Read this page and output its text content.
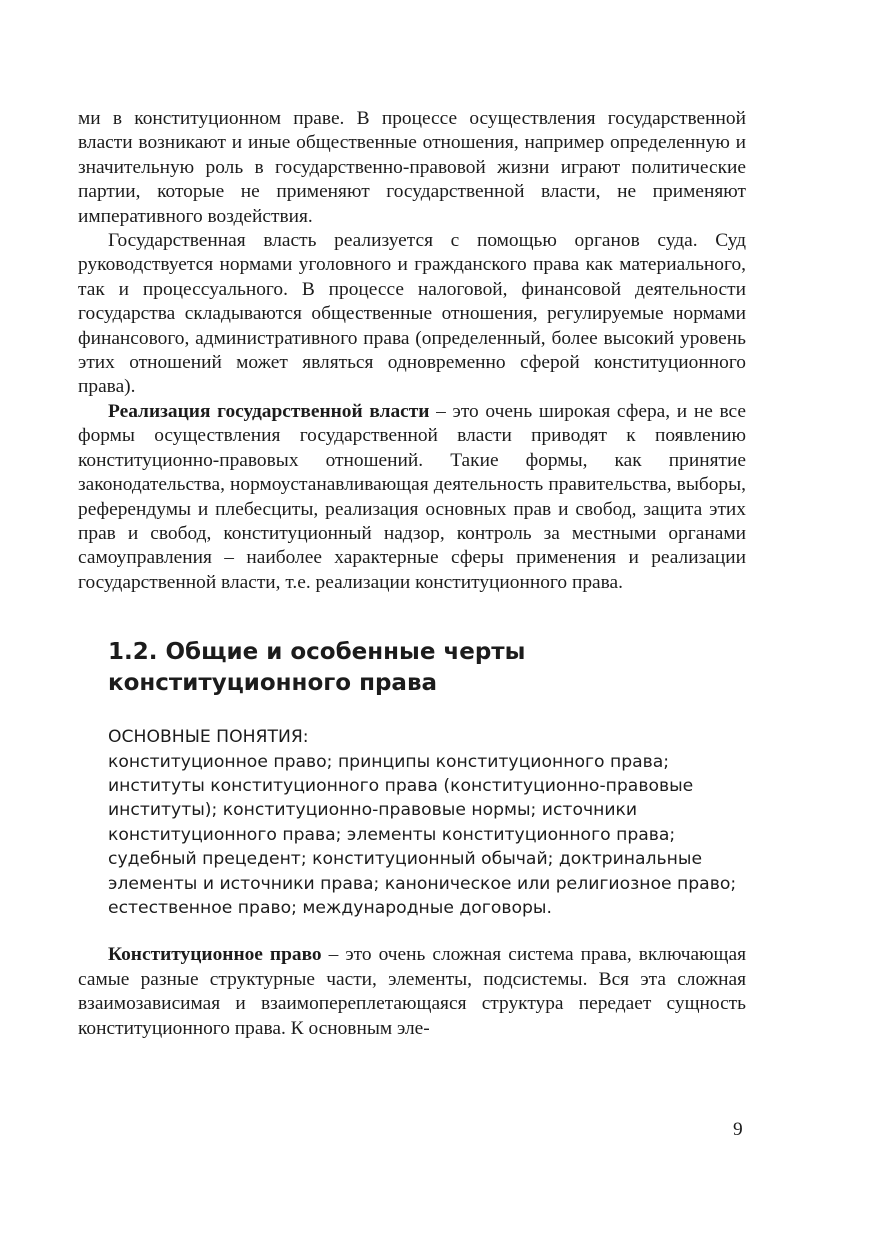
ми в конституционном праве. В процессе осуществления государственной власти возникают и иные общественные отношения, например определенную и значительную роль в государственно-правовой жизни играют политические партии, которые не применяют государственной власти, не применяют императивного воздействия.

Государственная власть реализуется с помощью органов суда. Суд руководствуется нормами уголовного и гражданского права как материального, так и процессуального. В процессе налоговой, финансовой деятельности государства складываются общественные отношения, регулируемые нормами финансового, административного права (определенный, более высокий уровень этих отношений может являться одновременно сферой конституционного права).

Реализация государственной власти – это очень широкая сфера, и не все формы осуществления государственной власти приводят к появлению конституционно-правовых отношений. Такие формы, как принятие законодательства, нормоустанавливающая деятельность правительства, выборы, референдумы и плебесциты, реализация основных прав и свобод, защита этих прав и свобод, конституционный надзор, контроль за местными органами самоуправления – наиболее характерные сферы применения и реализации государственной власти, т.е. реализации конституционного права.

1.2. Общие и особенные черты
конституционного права
ОСНОВНЫЕ ПОНЯТИЯ:
конституционное право; принципы конституционного права; институты конституционного права (конституционно-правовые институты); конституционно-правовые нормы; источники конституционного права; элементы конституционного права; судебный прецедент; конституционный обычай; доктринальные элементы и источники права; каноническое или религиозное право; естественное право; международные договоры.

Конституционное право – это очень сложная система права, включающая самые разные структурные части, элементы, подсистемы. Вся эта сложная взаимозависимая и взаимопереплетающаяся структура передает сущность конституционного права. К основным эле-

9
